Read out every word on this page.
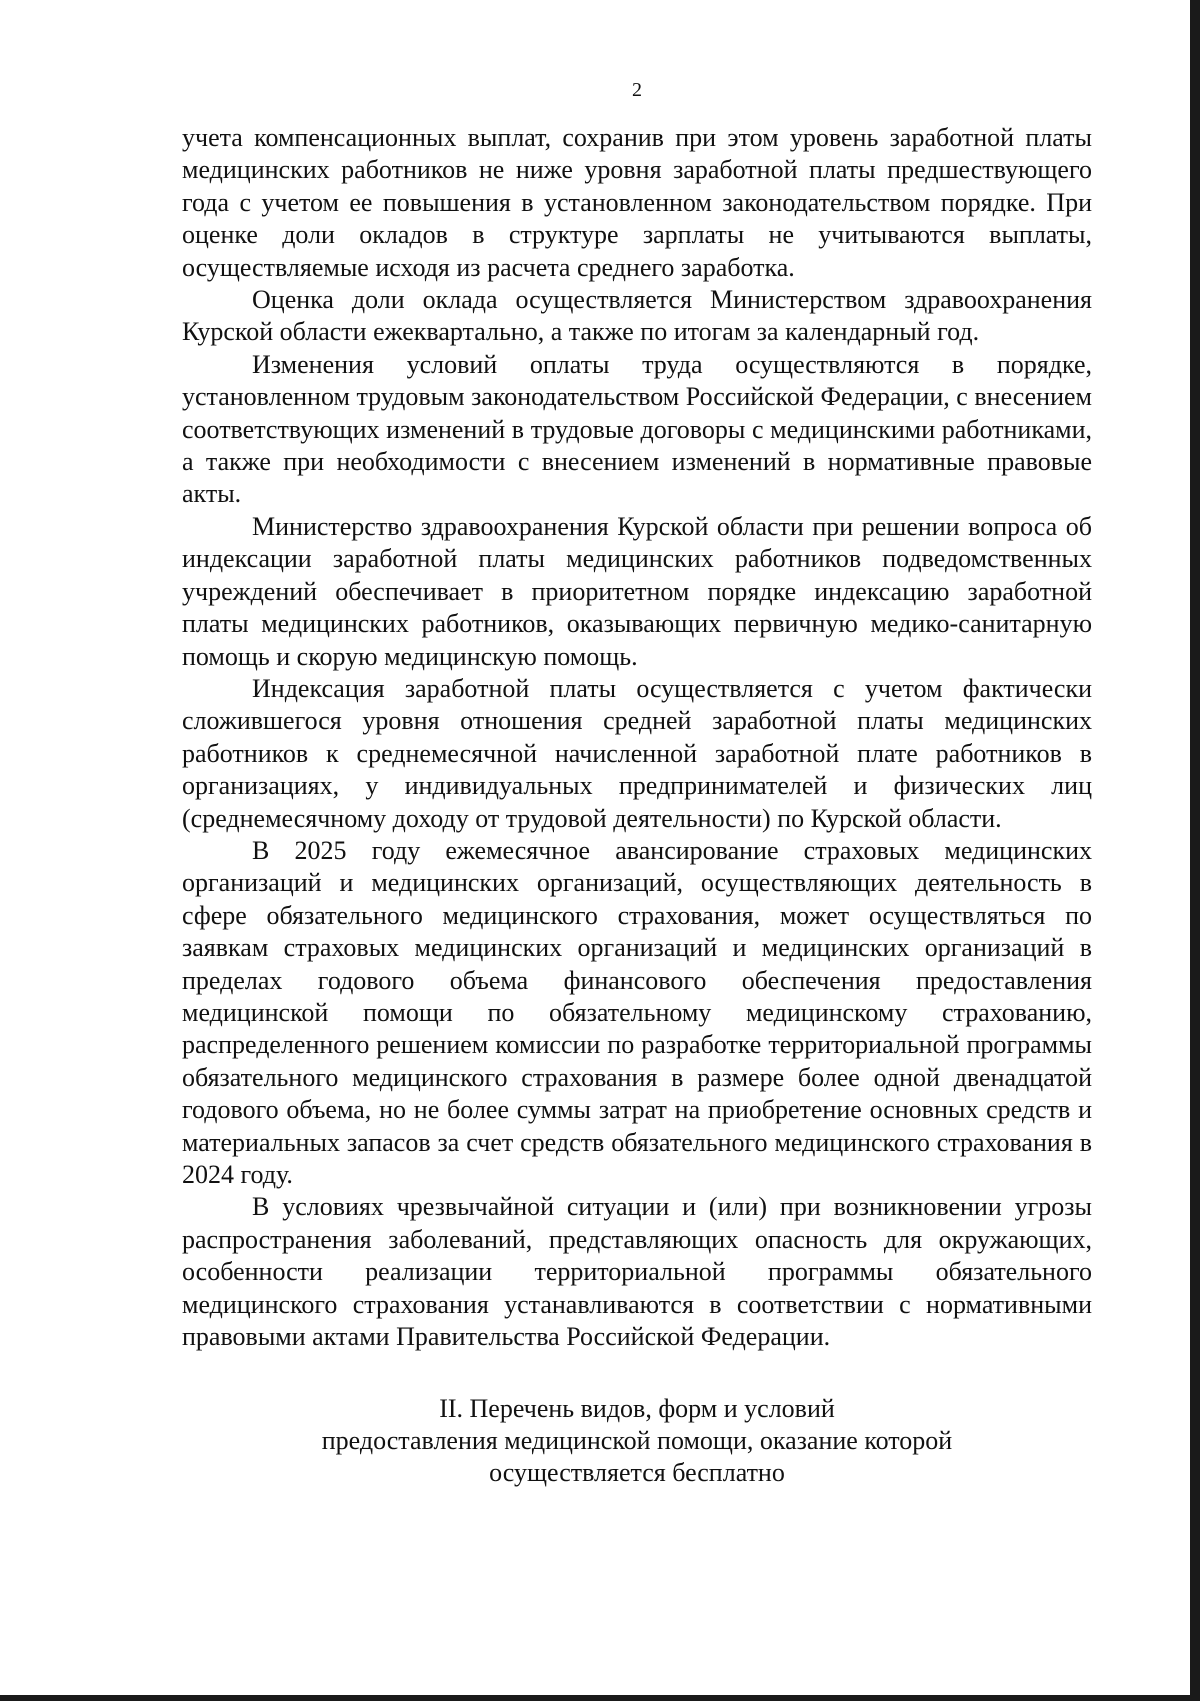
2

учета компенсационных выплат, сохранив при этом уровень заработной платы медицинских работников не ниже уровня заработной платы предшествующего года с учетом ее повышения в установленном законодательством порядке. При оценке доли окладов в структуре зарплаты не учитываются выплаты, осуществляемые исходя из расчета среднего заработка.

Оценка доли оклада осуществляется Министерством здравоохранения Курской области ежеквартально, а также по итогам за календарный год.

Изменения условий оплаты труда осуществляются в порядке, установленном трудовым законодательством Российской Федерации, с внесением соответствующих изменений в трудовые договоры с медицинскими работниками, а также при необходимости с внесением изменений в нормативные правовые акты.

Министерство здравоохранения Курской области при решении вопроса об индексации заработной платы медицинских работников подведомственных учреждений обеспечивает в приоритетном порядке индексацию заработной платы медицинских работников, оказывающих первичную медико-санитарную помощь и скорую медицинскую помощь.

Индексация заработной платы осуществляется с учетом фактически сложившегося уровня отношения средней заработной платы медицинских работников к среднемесячной начисленной заработной плате работников в организациях, у индивидуальных предпринимателей и физических лиц (среднемесячному доходу от трудовой деятельности) по Курской области.

В 2025 году ежемесячное авансирование страховых медицинских организаций и медицинских организаций, осуществляющих деятельность в сфере обязательного медицинского страхования, может осуществляться по заявкам страховых медицинских организаций и медицинских организаций в пределах годового объема финансового обеспечения предоставления медицинской помощи по обязательному медицинскому страхованию, распределенного решением комиссии по разработке территориальной программы обязательного медицинского страхования в размере более одной двенадцатой годового объема, но не более суммы затрат на приобретение основных средств и материальных запасов за счет средств обязательного медицинского страхования в 2024 году.

В условиях чрезвычайной ситуации и (или) при возникновении угрозы распространения заболеваний, представляющих опасность для окружающих, особенности реализации территориальной программы обязательного медицинского страхования устанавливаются в соответствии с нормативными правовыми актами Правительства Российской Федерации.

II. Перечень видов, форм и условий
предоставления медицинской помощи, оказание которой
осуществляется бесплатно
